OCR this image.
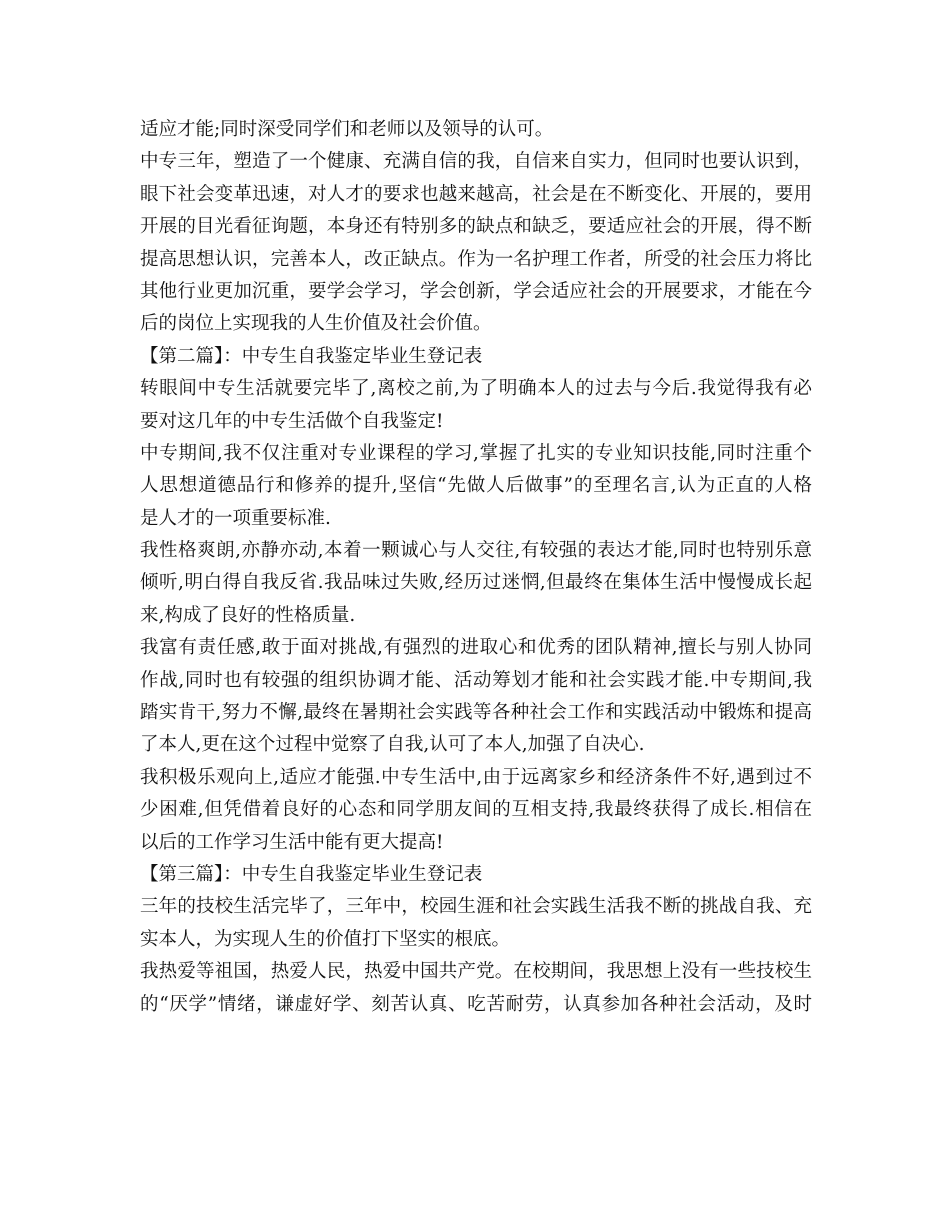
适应才能;同时深受同学们和老师以及领导的认可。
中专三年，塑造了一个健康、充满自信的我，自信来自实力，但同时也要认识到，
眼下社会变革迅速，对人才的要求也越来越高，社会是在不断变化、开展的，要用
开展的目光看征询题，本身还有特别多的缺点和缺乏，要适应社会的开展，得不断
提高思想认识，完善本人，改正缺点。作为一名护理工作者，所受的社会压力将比
其他行业更加沉重，要学会学习，学会创新，学会适应社会的开展要求，才能在今
后的岗位上实现我的人生价值及社会价值。
【第二篇】：中专生自我鉴定毕业生登记表
转眼间中专生活就要完毕了,离校之前,为了明确本人的过去与今后.我觉得我有必
要对这几年的中专生活做个自我鉴定!
中专期间,我不仅注重对专业课程的学习,掌握了扎实的专业知识技能,同时注重个
人思想道德品行和修养的提升,坚信“先做人后做事”的至理名言,认为正直的人格
是人才的一项重要标准.
我性格爽朗,亦静亦动,本着一颗诚心与人交往,有较强的表达才能,同时也特别乐意
倾听,明白得自我反省.我品味过失败,经历过迷惘,但最终在集体生活中慢慢成长起
来,构成了良好的性格质量.
我富有责任感,敢于面对挑战,有强烈的进取心和优秀的团队精神,擅长与别人协同
作战,同时也有较强的组织协调才能、活动筹划才能和社会实践才能.中专期间,我
踏实肯干,努力不懈,最终在暑期社会实践等各种社会工作和实践活动中锻炼和提高
了本人,更在这个过程中觉察了自我,认可了本人,加强了自决心.
我积极乐观向上,适应才能强.中专生活中,由于远离家乡和经济条件不好,遇到过不
少困难,但凭借着良好的心态和同学朋友间的互相支持,我最终获得了成长.相信在
以后的工作学习生活中能有更大提高!
【第三篇】：中专生自我鉴定毕业生登记表
三年的技校生活完毕了，三年中，校园生涯和社会实践生活我不断的挑战自我、充
实本人，为实现人生的价值打下坚实的根底。
我热爱等祖国，热爱人民，热爱中国共产党。在校期间，我思想上没有一些技校生
的“厌学”情绪，谦虚好学、刻苦认真、吃苦耐劳，认真参加各种社会活动，及时
